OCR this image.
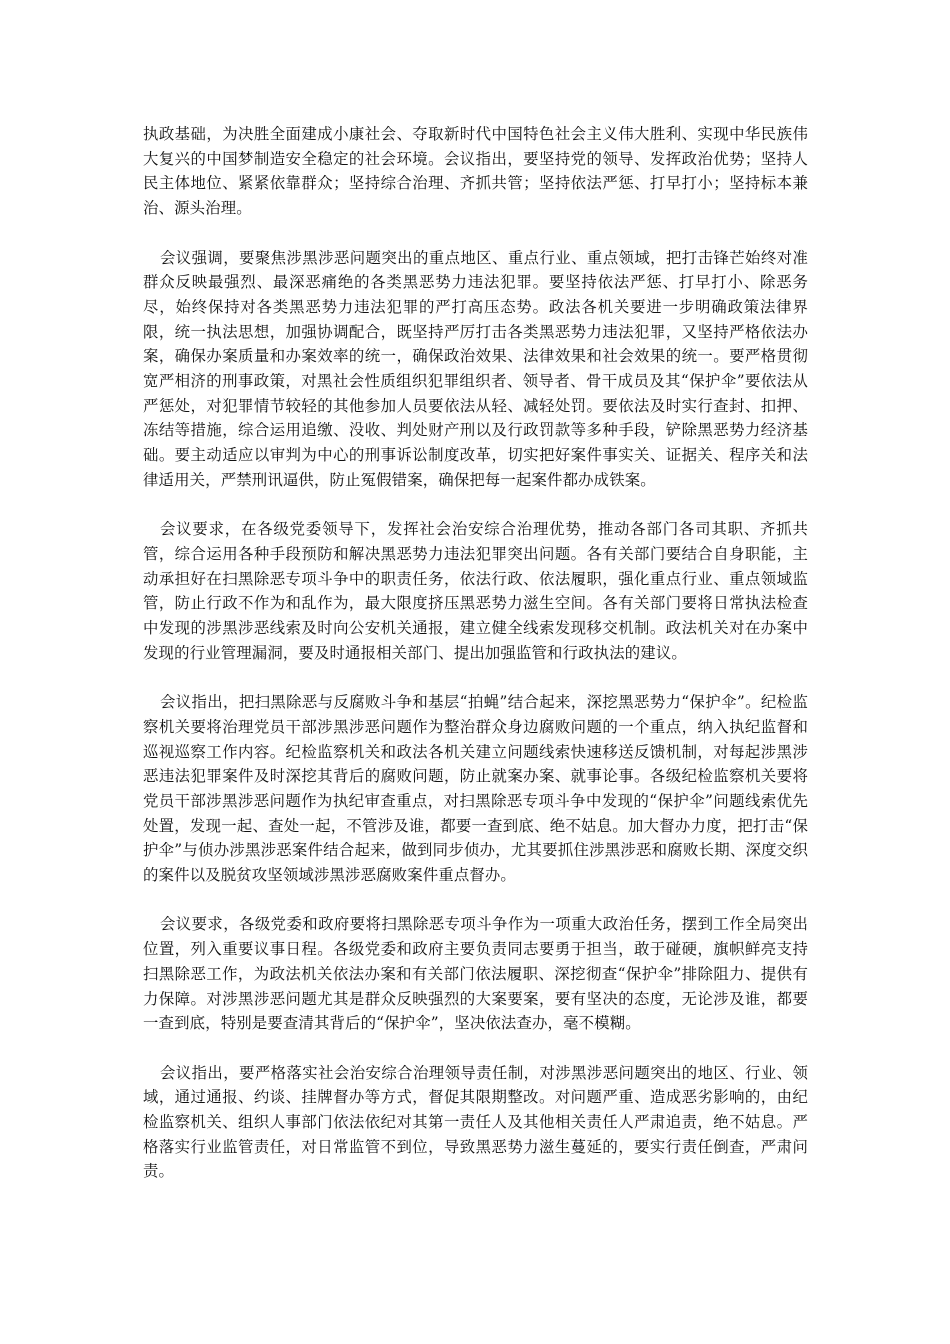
执政基础，为决胜全面建成小康社会、夺取新时代中国特色社会主义伟大胜利、实现中华民族伟大复兴的中国梦制造安全稳定的社会环境。会议指出，要坚持党的领导、发挥政治优势；坚持人民主体地位、紧紧依靠群众；坚持综合治理、齐抓共管；坚持依法严惩、打早打小；坚持标本兼治、源头治理。

会议强调，要聚焦涉黑涉恶问题突出的重点地区、重点行业、重点领域，把打击锋芒始终对准群众反映最强烈、最深恶痛绝的各类黑恶势力违法犯罪。要坚持依法严惩、打早打小、除恶务尽，始终保持对各类黑恶势力违法犯罪的严打高压态势。政法各机关要进一步明确政策法律界限，统一执法思想，加强协调配合，既坚持严厉打击各类黑恶势力违法犯罪，又坚持严格依法办案，确保办案质量和办案效率的统一，确保政治效果、法律效果和社会效果的统一。要严格贯彻宽严相济的刑事政策，对黑社会性质组织犯罪组织者、领导者、骨干成员及其“保护伞”要依法从严惩处，对犯罪情节较轻的其他参加人员要依法从轻、减轻处罚。要依法及时实行查封、扣押、冻结等措施，综合运用追缴、没收、判处财产刑以及行政罚款等多种手段，铲除黑恶势力经济基础。要主动适应以审判为中心的刑事诉讼制度改革，切实把好案件事实关、证据关、程序关和法律适用关，严禁刑讯逼供，防止冤假错案，确保把每一起案件都办成铁案。

会议要求，在各级党委领导下，发挥社会治安综合治理优势，推动各部门各司其职、齐抓共管，综合运用各种手段预防和解决黑恶势力违法犯罪突出问题。各有关部门要结合自身职能，主动承担好在扫黑除恶专项斗争中的职责任务，依法行政、依法履职，强化重点行业、重点领域监管，防止行政不作为和乱作为，最大限度挤压黑恶势力滋生空间。各有关部门要将日常执法检查中发现的涉黑涉恶线索及时向公安机关通报，建立健全线索发现移交机制。政法机关对在办案中发现的行业管理漏洞，要及时通报相关部门、提出加强监管和行政执法的建议。

会议指出，把扫黑除恶与反腐败斗争和基层“拍蝇”结合起来，深挖黑恶势力“保护伞”。纪检监察机关要将治理党员干部涉黑涉恶问题作为整治群众身边腐败问题的一个重点，纳入执纪监督和巡视巡察工作内容。纪检监察机关和政法各机关建立问题线索快速移送反馈机制，对每起涉黑涉恶违法犯罪案件及时深挖其背后的腐败问题，防止就案办案、就事论事。各级纪检监察机关要将党员干部涉黑涉恶问题作为执纪审查重点，对扫黑除恶专项斗争中发现的“保护伞”问题线索优先处置，发现一起、查处一起，不管涉及谁，都要一查到底、绝不姑息。加大督办力度，把打击“保护伞”与侦办涉黑涉恶案件结合起来，做到同步侦办，尤其要抓住涉黑涉恶和腐败长期、深度交织的案件以及脱贫攻坚领域涉黑涉恶腐败案件重点督办。

会议要求，各级党委和政府要将扫黑除恶专项斗争作为一项重大政治任务，摆到工作全局突出位置，列入重要议事日程。各级党委和政府主要负责同志要勇于担当，敢于碰硬，旗帜鲜亮支持扫黑除恶工作，为政法机关依法办案和有关部门依法履职、深挖彻查“保护伞”排除阻力、提供有力保障。对涉黑涉恶问题尤其是群众反映强烈的大案要案，要有坚决的态度，无论涉及谁，都要一查到底，特别是要查清其背后的“保护伞”，坚决依法查办，毫不模糊。

会议指出，要严格落实社会治安综合治理领导责任制，对涉黑涉恶问题突出的地区、行业、领域，通过通报、约谈、挂牌督办等方式，督促其限期整改。对问题严重、造成恶劣影响的，由纪检监察机关、组织人事部门依法依纪对其第一责任人及其他相关责任人严肃追责，绝不姑息。严格落实行业监管责任，对日常监管不到位，导致黑恶势力滋生蔓延的，要实行责任倒查，严肃问责。
